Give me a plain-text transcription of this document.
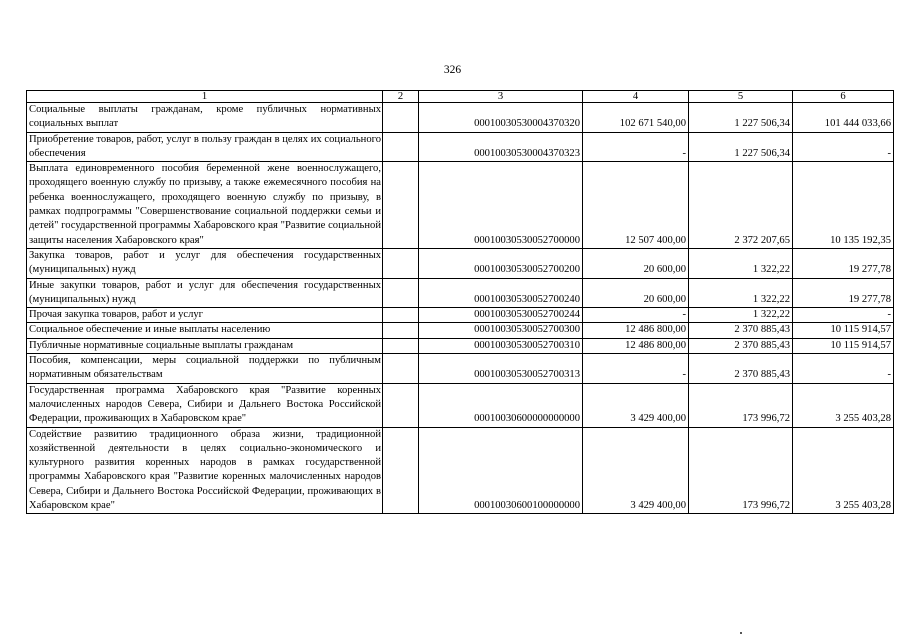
326
1	2	3	4	5	6
Социальные выплаты гражданам, кроме публичных нормативных социальных выплат		00010030530004370320	102 671 540,00	1 227 506,34	101 444 033,66
Приобретение товаров, работ, услуг в пользу граждан в целях их социального обеспечения		00010030530004370323	-	1 227 506,34	-
Выплата единовременного пособия беременной жене военнослужащего, проходящего военную службу по призыву, а также ежемесячного пособия на ребенка военнослужащего, проходящего военную службу по призыву, в рамках подпрограммы "Совершенствование социальной поддержки семьи и детей" государственной программы Хабаровского края "Развитие социальной защиты населения Хабаровского края"		00010030530052700000	12 507 400,00	2 372 207,65	10 135 192,35
Закупка товаров, работ и услуг для обеспечения государственных (муниципальных) нужд		00010030530052700200	20 600,00	1 322,22	19 277,78
Иные закупки товаров, работ и услуг для обеспечения государственных (муниципальных) нужд		00010030530052700240	20 600,00	1 322,22	19 277,78
Прочая закупка товаров, работ и услуг		00010030530052700244	-	1 322,22	-
Социальное обеспечение и иные выплаты населению		00010030530052700300	12 486 800,00	2 370 885,43	10 115 914,57
Публичные нормативные социальные выплаты гражданам		00010030530052700310	12 486 800,00	2 370 885,43	10 115 914,57
Пособия, компенсации, меры социальной поддержки по публичным нормативным обязательствам		00010030530052700313	-	2 370 885,43	-
Государственная программа Хабаровского края "Развитие коренных малочисленных народов Севера, Сибири и Дальнего Востока Российской Федерации, проживающих в Хабаровском крае"		00010030600000000000	3 429 400,00	173 996,72	3 255 403,28
Содействие развитию традиционного образа жизни, традиционной хозяйственной деятельности в целях социально-экономического и культурного развития коренных народов в рамках государственной программы Хабаровского края "Развитие коренных малочисленных народов Севера, Сибири и Дальнего Востока Российской Федерации, проживающих в Хабаровском крае"		00010030600100000000	3 429 400,00	173 996,72	3 255 403,28
